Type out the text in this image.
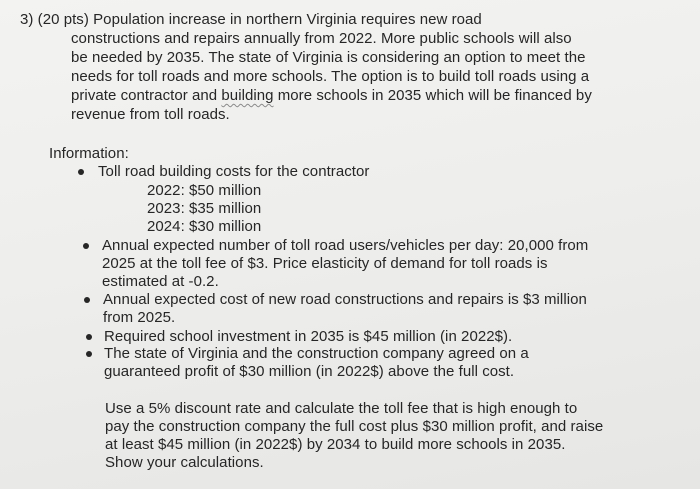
3) (20 pts) Population increase in northern Virginia requires new road
constructions and repairs annually from 2022. More public schools will also
be needed by 2035. The state of Virginia is considering an option to meet the
needs for toll roads and more schools. The option is to build toll roads using a
private contractor and building more schools in 2035 which will be financed by
revenue from toll roads.
Information:
Toll road building costs for the contractor
2022: $50 million
2023: $35 million
2024: $30 million
Annual expected number of toll road users/vehicles per day: 20,000 from
2025 at the toll fee of $3. Price elasticity of demand for toll roads is
estimated at -0.2.
Annual expected cost of new road constructions and repairs is $3 million
from 2025.
Required school investment in 2035 is $45 million (in 2022$).
The state of Virginia and the construction company agreed on a
guaranteed profit of $30 million (in 2022$) above the full cost.
Use a 5% discount rate and calculate the toll fee that is high enough to
pay the construction company the full cost plus $30 million profit, and raise
at least $45 million (in 2022$) by 2034 to build more schools in 2035.
Show your calculations.
